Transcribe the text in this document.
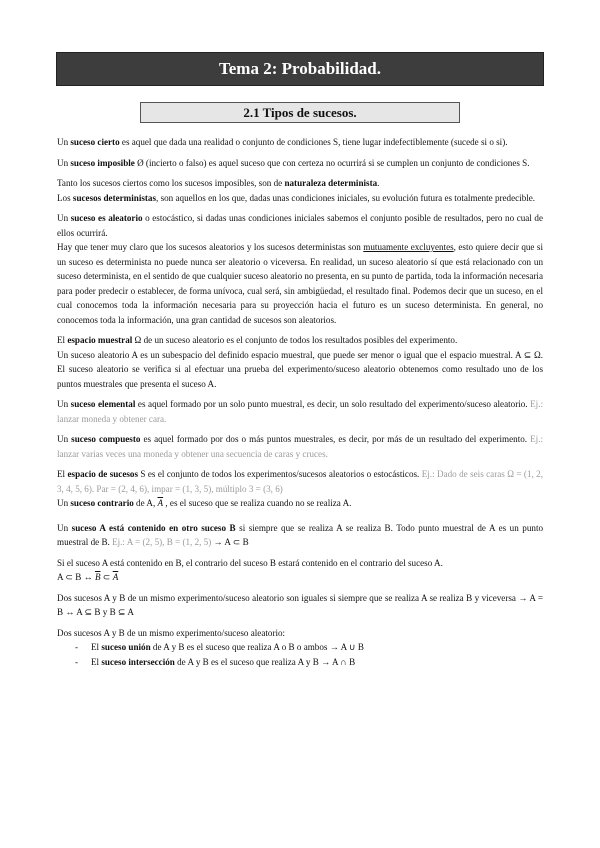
Tema 2: Probabilidad.
2.1 Tipos de sucesos.

Un suceso cierto es aquel que dada una realidad o conjunto de condiciones S, tiene lugar indefectiblemente (sucede si o si).

Un suceso imposible Ø (incierto o falso) es aquel suceso que con certeza no ocurrirá si se cumplen un conjunto de condiciones S.

Tanto los sucesos ciertos como los sucesos imposibles, son de naturaleza determinista.

Los sucesos deterministas, son aquellos en los que, dadas unas condiciones iniciales, su evolución futura es totalmente predecible.

Un suceso es aleatorio o estocástico, si dadas unas condiciones iniciales sabemos el conjunto posible de resultados, pero no cual de ellos ocurrirá.

Hay que tener muy claro que los sucesos aleatorios y los sucesos deterministas son mutuamente excluyentes, esto quiere decir que si un suceso es determinista no puede nunca ser aleatorio o viceversa. En realidad, un suceso aleatorio sí que está relacionado con un suceso determinista, en el sentido de que cualquier suceso aleatorio no presenta, en su punto de partida, toda la información necesaria para poder predecir o establecer, de forma unívoca, cual será, sin ambigüedad, el resultado final. Podemos decir que un suceso, en el cual conocemos toda la información necesaria para su proyección hacia el futuro es un suceso determinista. En general, no conocemos toda la información, una gran cantidad de sucesos son aleatorios.

El espacio muestral Ω de un suceso aleatorio es el conjunto de todos los resultados posibles del experimento.

Un suceso aleatorio A es un subespacio del definido espacio muestral, que puede ser menor o igual que el espacio muestral. A ⊆ Ω. El suceso aleatorio se verifica si al efectuar una prueba del experimento/suceso aleatorio obtenemos como resultado uno de los puntos muestrales que presenta el suceso A.

Un suceso elemental es aquel formado por un solo punto muestral, es decir, un solo resultado del experimento/suceso aleatorio. Ej.: lanzar moneda y obtener cara.

Un suceso compuesto es aquel formado por dos o más puntos muestrales, es decir, por más de un resultado del experimento. Ej.: lanzar varias veces una moneda y obtener una secuencia de caras y cruces.

El espacio de sucesos S es el conjunto de todos los experimentos/sucesos aleatorios o estocásticos. Ej.: Dado de seis caras Ω = (1, 2, 3, 4, 5, 6). Par = (2, 4, 6), impar = (1, 3, 5), múltiplo 3 = (3, 6)

Un suceso contrario de A, $\overline{A}$ , es el suceso que se realiza cuando no se realiza A.

Un suceso A está contenido en otro suceso B si siempre que se realiza A se realiza B. Todo punto muestral de A es un punto muestral de B. Ej.: A = (2, 5), B = (1, 2, 5) → A ⊂ B

Si el suceso A está contenido en B, el contrario del suceso B estará contenido en el contrario del suceso A.

A ⊂ B ↔ $\overline{B}$ ⊂ $\overline{A}$

Dos sucesos A y B de un mismo experimento/suceso aleatorio son iguales si siempre que se realiza A se realiza B y viceversa → A = B ↔ A ⊆ B y B ⊆ A

Dos sucesos A y B de un mismo experimento/suceso aleatorio:

- El suceso unión de A y B es el suceso que realiza A o B o ambos → A ∪ B
- El suceso intersección de A y B es el suceso que realiza A y B → A ∩ B
